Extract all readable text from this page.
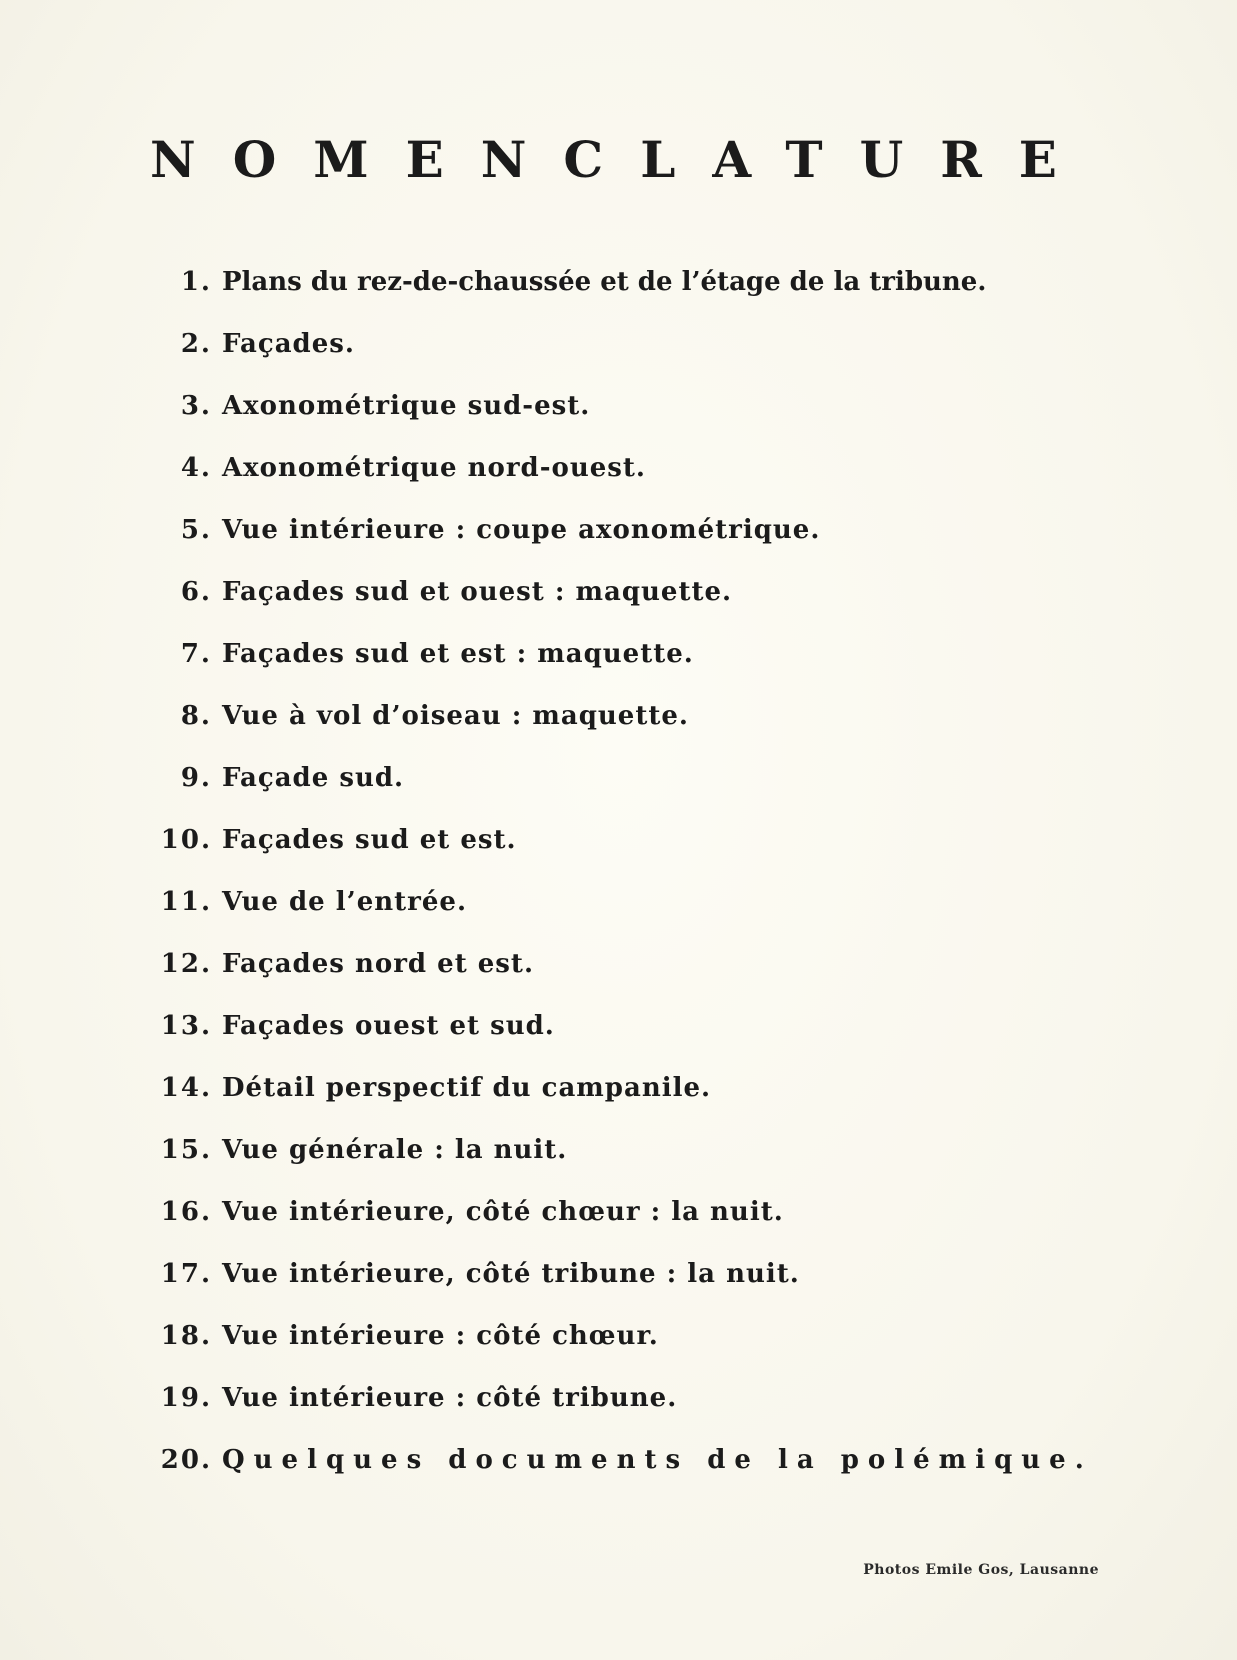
NOMENCLATURE
1. Plans du rez-de-chaussée et de l’étage de la tribune.
2. Façades.
3. Axonométrique sud-est.
4. Axonométrique nord-ouest.
5. Vue intérieure : coupe axonométrique.
6. Façades sud et ouest : maquette.
7. Façades sud et est : maquette.
8. Vue à vol d’oiseau : maquette.
9. Façade sud.
10. Façades sud et est.
11. Vue de l’entrée.
12. Façades nord et est.
13. Façades ouest et sud.
14. Détail perspectif du campanile.
15. Vue générale : la nuit.
16. Vue intérieure, côté chœur : la nuit.
17. Vue intérieure, côté tribune : la nuit.
18. Vue intérieure : côté chœur.
19. Vue intérieure : côté tribune.
20. Quelques documents de la polémique.
Photos Emile Gos, Lausanne
